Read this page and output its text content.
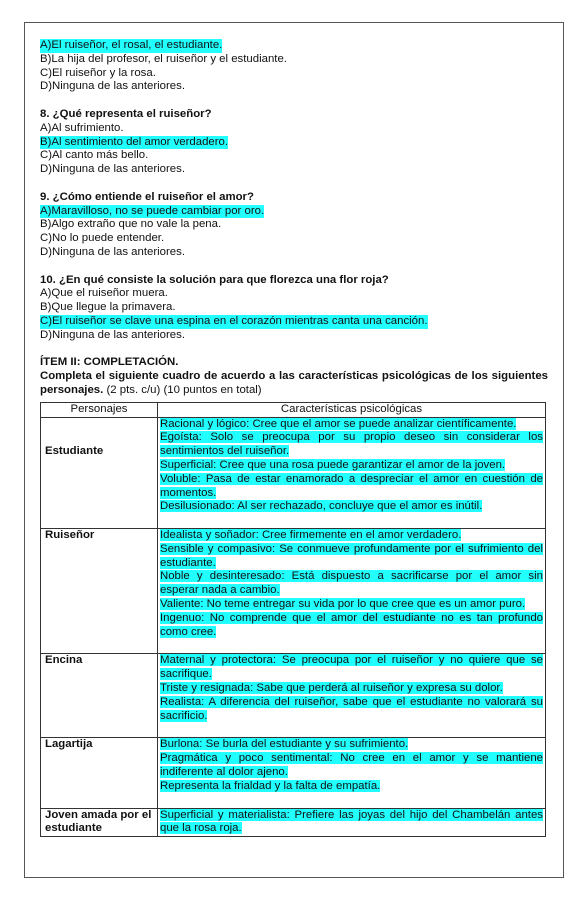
A) El ruiseñor, el rosal, el estudiante.
B) La hija del profesor, el ruiseñor y el estudiante.
C) El ruiseñor y la rosa.
D) Ninguna de las anteriores.
8. ¿Qué representa el ruiseñor?
A) Al sufrimiento.
B) Al sentimiento del amor verdadero.
C) Al canto más bello.
D) Ninguna de las anteriores.
9. ¿Cómo entiende el ruiseñor el amor?
A) Maravilloso, no se puede cambiar por oro.
B) Algo extraño que no vale la pena.
C) No lo puede entender.
D) Ninguna de las anteriores.
10. ¿En qué consiste la solución para que florezca una flor roja?
A) Que el ruiseñor muera.
B) Que llegue la primavera.
C) El ruiseñor se clave una espina en el corazón mientras canta una canción.
D) Ninguna de las anteriores.
ÍTEM II: COMPLETACIÓN.
Completa el siguiente cuadro de acuerdo a las características psicológicas de los siguientes personajes. (2 pts. c/u) (10 puntos en total)
Personajes	Características psicológicas

Estudiante	Racional y lógico: Cree que el amor se puede analizar científicamente.
Egoísta: Solo se preocupa por su propio deseo sin considerar los sentimientos del ruiseñor.
Superficial: Cree que una rosa puede garantizar el amor de la joven.
Voluble: Pasa de estar enamorado a despreciar el amor en cuestión de momentos.
Desilusionado: Al ser rechazado, concluye que el amor es inútil.

Ruiseñor	Idealista y soñador: Cree firmemente en el amor verdadero.
Sensible y compasivo: Se conmueve profundamente por el sufrimiento del estudiante.
Noble y desinteresado: Está dispuesto a sacrificarse por el amor sin esperar nada a cambio.
Valiente: No teme entregar su vida por lo que cree que es un amor puro.
Ingenuo: No comprende que el amor del estudiante no es tan profundo como cree.

Encina	Maternal y protectora: Se preocupa por el ruiseñor y no quiere que se sacrifique.
Triste y resignada: Sabe que perderá al ruiseñor y expresa su dolor.
Realista: A diferencia del ruiseñor, sabe que el estudiante no valorará su sacrificio.

Lagartija	Burlona: Se burla del estudiante y su sufrimiento.
Pragmática y poco sentimental: No cree en el amor y se mantiene indiferente al dolor ajeno.
Representa la frialdad y la falta de empatía.

Joven amada por el estudiante	Superficial y materialista: Prefiere las joyas del hijo del Chambelán antes que la rosa roja.
